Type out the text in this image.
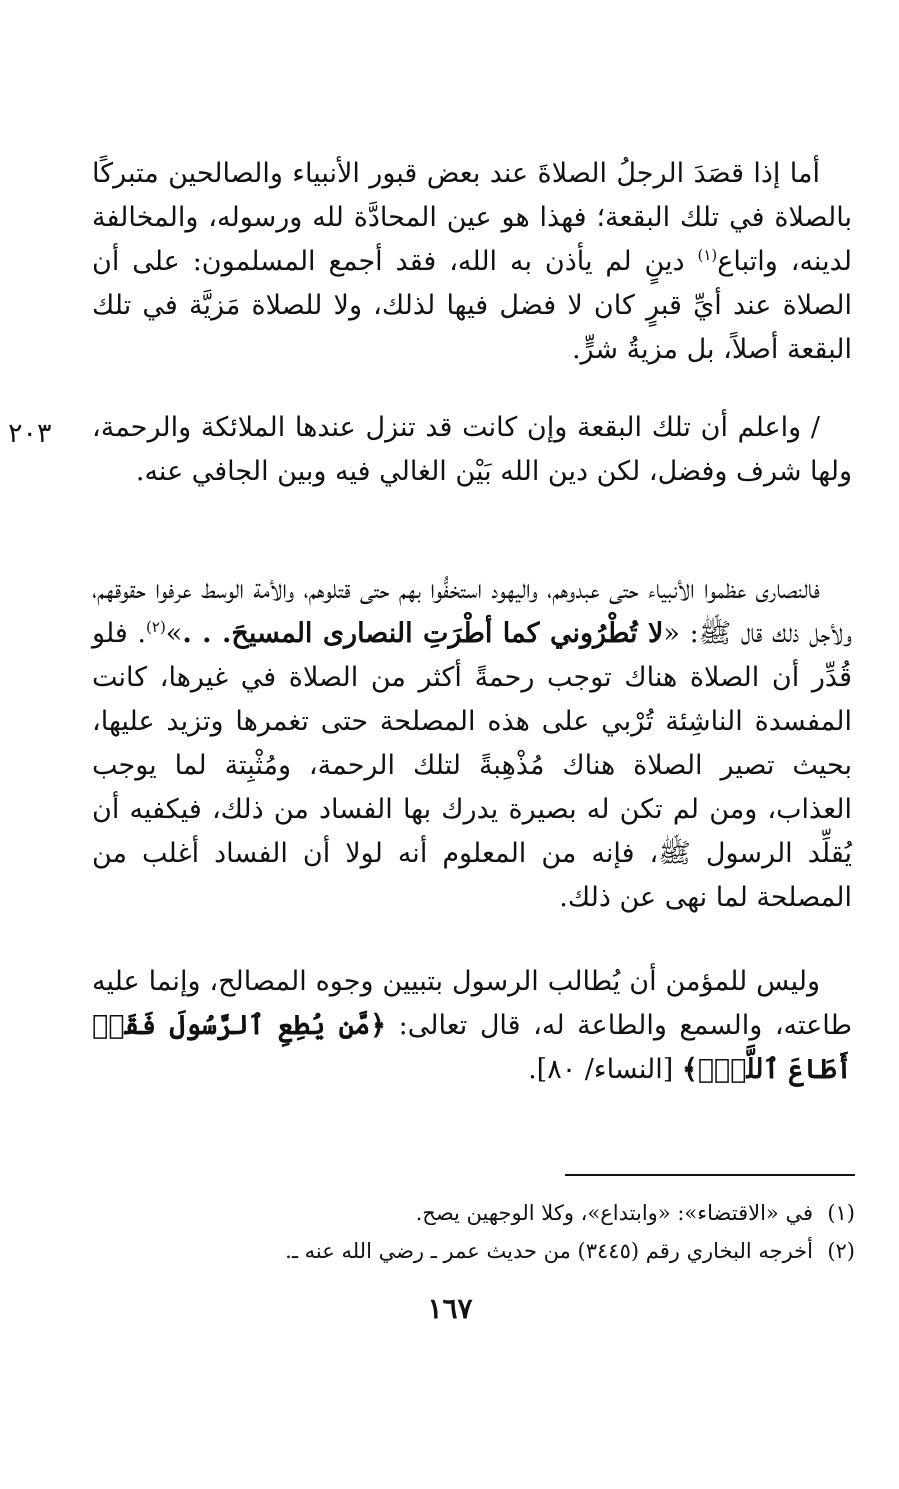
أما إذا قصَدَ الرجلُ الصلاةَ عند بعض قبور الأنبياء والصالحين متبركًا بالصلاة في تلك البقعة؛ فهذا هو عين المحادَّة لله ورسوله، والمخالفة لدينه، واتباع$^{(١)}$ دينٍ لم يأذن به الله، فقد أجمع المسلمون: على أن الصلاة عند أيِّ قبرٍ كان لا فضل فيها لذلك، ولا للصلاة مَزيَّة في تلك البقعة أصلاً، بل مزيةُ شرٍّ.

٢٠٣ / واعلم أن تلك البقعة وإن كانت قد تنزل عندها الملائكة والرحمة، ولها شرف وفضل، لكن دين الله بَيْن الغالي فيه وبين الجافي عنه.

فالنصارى عظموا الأنبياء حتى عبدوهم، واليهود استخفُّوا بهم حتى قتلوهم، والأمة الوسط عرفوا حقوقهم، ولأجل ذلك قال ﷺ: «لا تُطْرُوني كما أطْرَتِ النصارى المسيحَ. . .»$^{(٢)}$. فلو قُدِّر أن الصلاة هناك توجب رحمةً أكثر من الصلاة في غيرها، كانت المفسدة الناشِئة تُرْبي على هذه المصلحة حتى تغمرها وتزيد عليها، بحيث تصير الصلاة هناك مُذْهِبةً لتلك الرحمة، ومُثْبِتة لما يوجب العذاب، ومن لم تكن له بصيرة يدرك بها الفساد من ذلك، فيكفيه أن يُقلِّد الرسول ﷺ، فإنه من المعلوم أنه لولا أن الفساد أغلب من المصلحة لما نهى عن ذلك.

وليس للمؤمن أن يُطالب الرسول بتبيين وجوه المصالح، وإنما عليه طاعته، والسمع والطاعة له، قال تعالى: ﴿مَّن يُطِعِ ٱلرَّسُولَ فَقَدۡ أَطَاعَ ٱللَّهَۖ﴾ [النساء/ ٨٠].

(١)في «الاقتضاء»: «وابتداع»، وكلا الوجهين يصح.

(٢)أخرجه البخاري رقم (٣٤٤٥) من حديث عمر ـ رضي الله عنه ـ.

١٦٧
